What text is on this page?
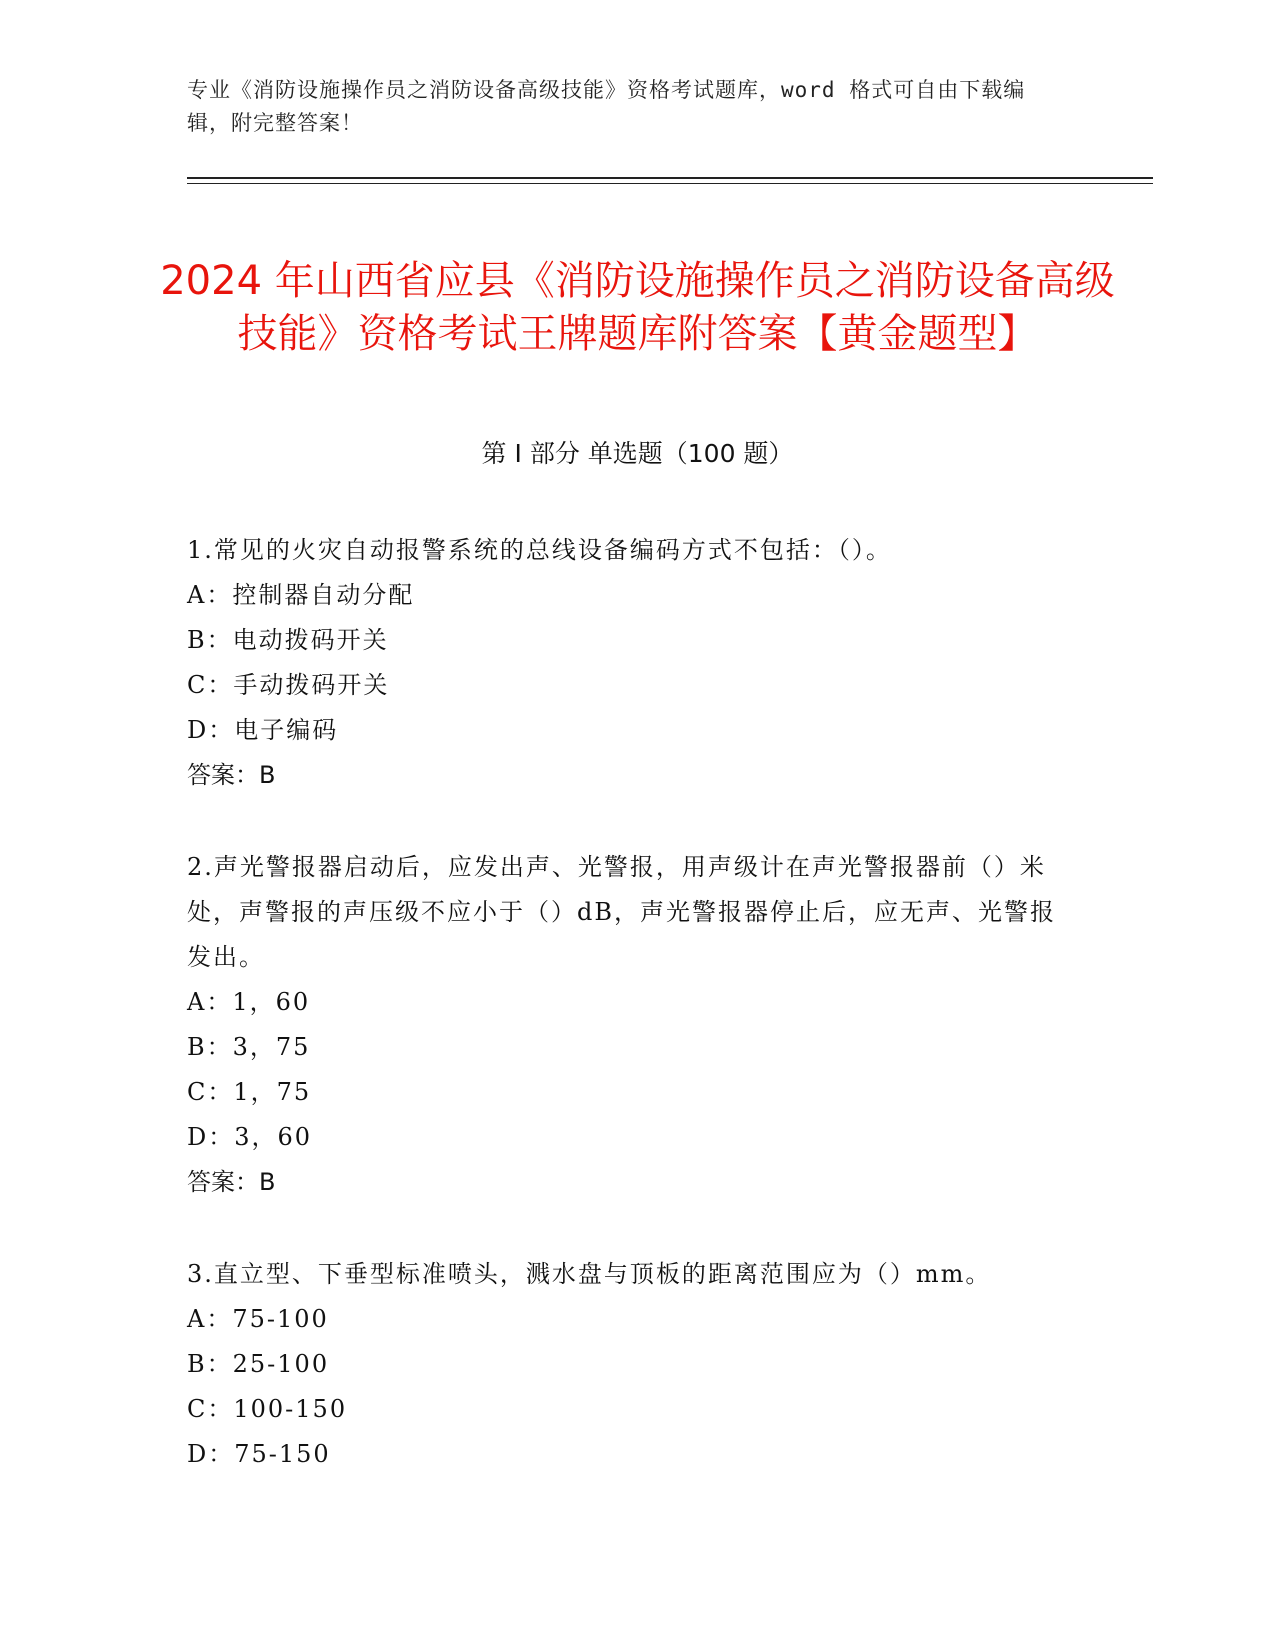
专业《消防设施操作员之消防设备高级技能》资格考试题库，word 格式可自由下载编辑，附完整答案！
2024 年山西省应县《消防设施操作员之消防设备高级技能》资格考试王牌题库附答案【黄金题型】
第 I 部分 单选题（100 题）

1.常见的火灾自动报警系统的总线设备编码方式不包括：（）。

A：控制器自动分配

B：电动拨码开关

C：手动拨码开关

D：电子编码

答案：B

2.声光警报器启动后，应发出声、光警报，用声级计在声光警报器前（）米处，声警报的声压级不应小于（）dB，声光警报器停止后，应无声、光警报发出。

A：1，60

B：3，75

C：1，75

D：3，60

答案：B

3.直立型、下垂型标准喷头，溅水盘与顶板的距离范围应为（）mm。

A：75-100

B：25-100

C：100-150

D：75-150
